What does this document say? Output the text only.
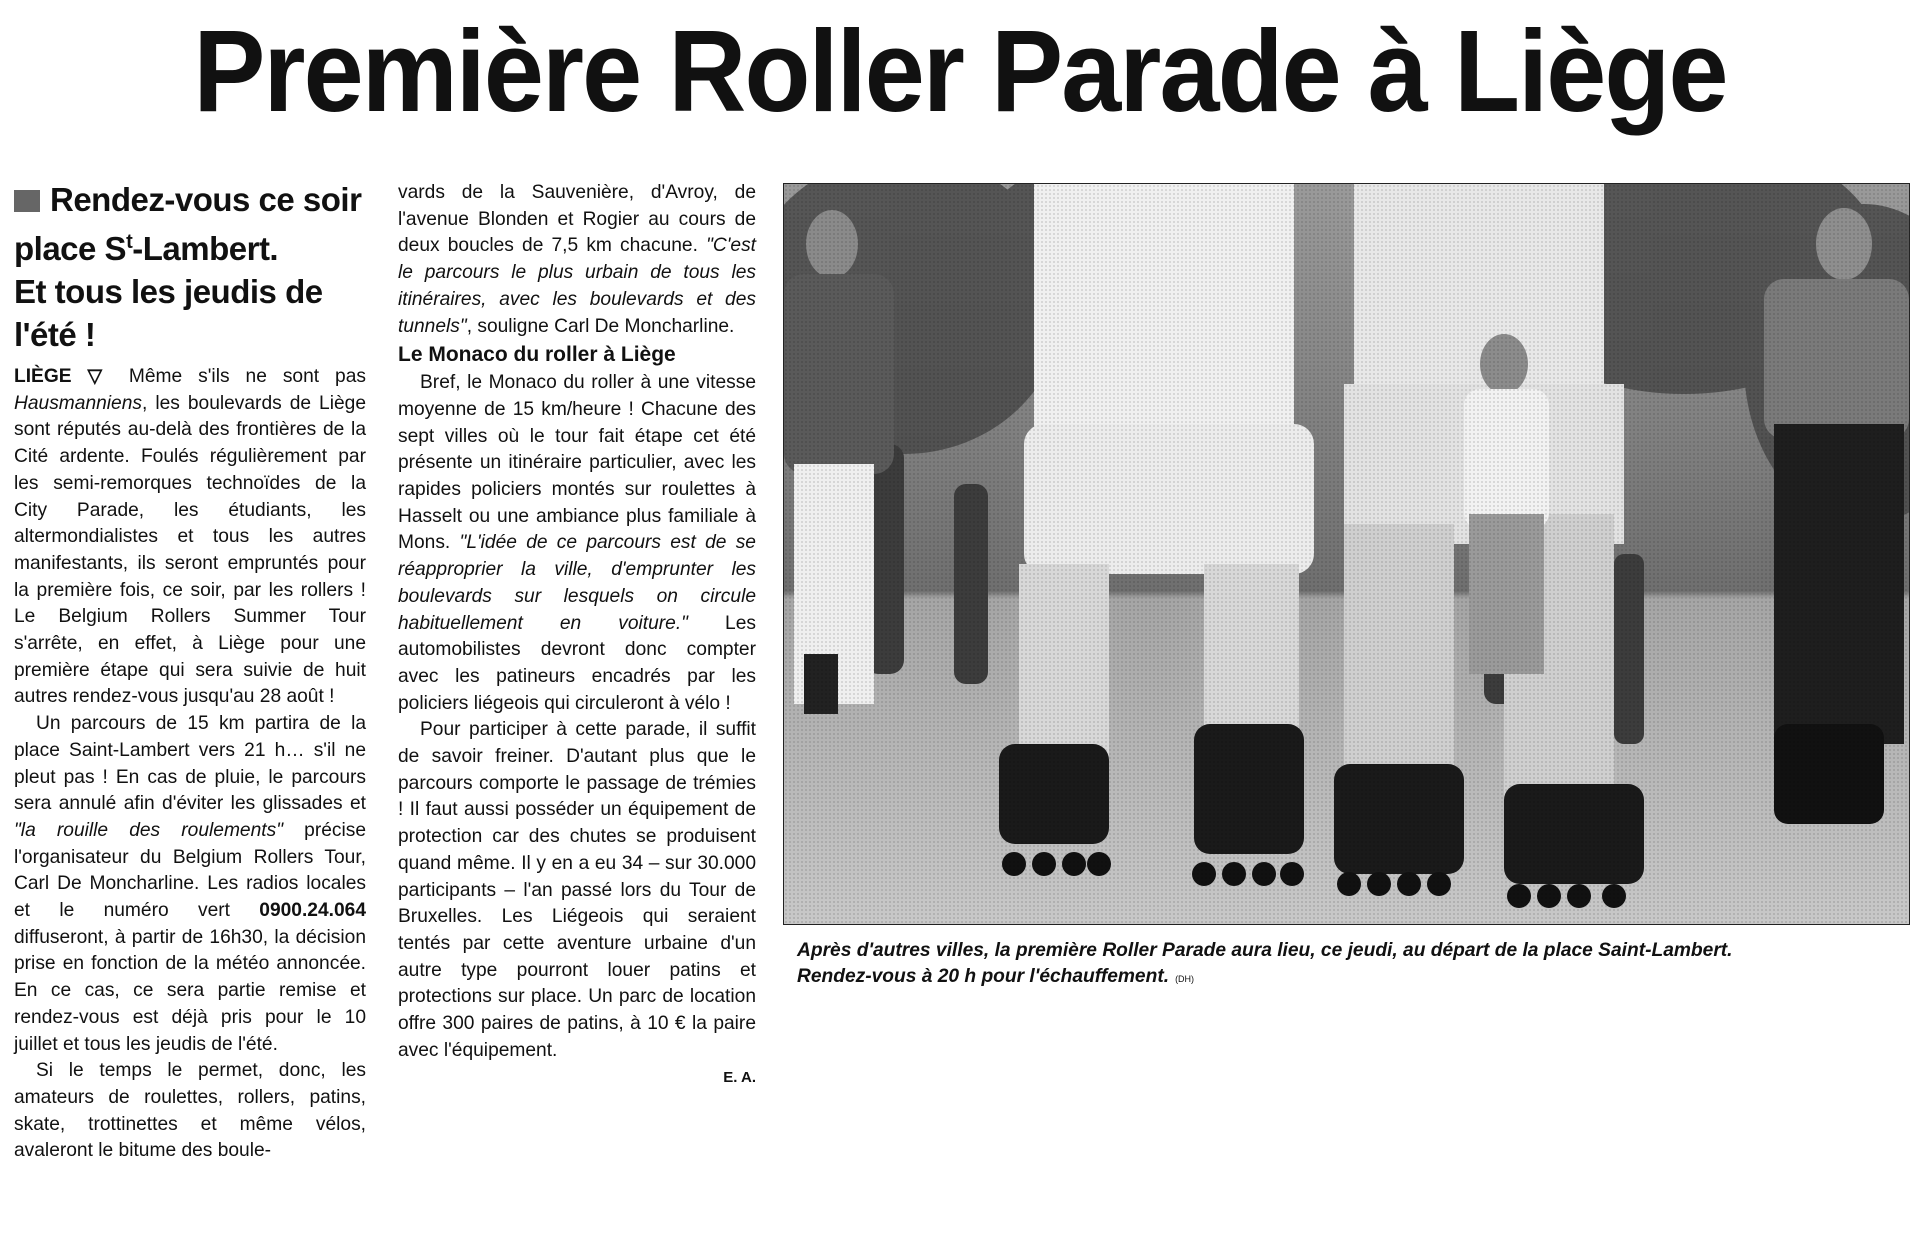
Première Roller Parade à Liège
Rendez-vous ce soir
place $S^t$-Lambert.
Et tous les jeudis de l'été !

LIÈGE ▽ Même s'ils ne sont pas Hausmanniens, les boulevards de Liège sont réputés au-delà des frontières de la Cité ardente. Foulés régulièrement par les semi-remorques technoïdes de la City Parade, les étudiants, les altermondialistes et tous les autres manifestants, ils seront empruntés pour la première fois, ce soir, par les rollers ! Le Belgium Rollers Summer Tour s'arrête, en effet, à Liège pour une première étape qui sera suivie de huit autres rendez-vous jusqu'au 28 août !

Un parcours de 15 km partira de la place Saint-Lambert vers 21 h… s'il ne pleut pas ! En cas de pluie, le parcours sera annulé afin d'éviter les glissades et "la rouille des roulements" précise l'organisateur du Belgium Rollers Tour, Carl De Moncharline. Les radios locales et le numéro vert 0900.24.064 diffuseront, à partir de 16h30, la décision prise en fonction de la météo annoncée. En ce cas, ce sera partie remise et rendez-vous est déjà pris pour le 10 juillet et tous les jeudis de l'été.

Si le temps le permet, donc, les amateurs de roulettes, rollers, patins, skate, trottinettes et même vélos, avaleront le bitume des boule-

vards de la Sauvenière, d'Avroy, de l'avenue Blonden et Rogier au cours de deux boucles de 7,5 km chacune. "C'est le parcours le plus urbain de tous les itinéraires, avec les boulevards et des tunnels", souligne Carl De Moncharline.

Le Monaco du roller à Liège

Bref, le Monaco du roller à une vitesse moyenne de 15 km/heure ! Chacune des sept villes où le tour fait étape cet été présente un itinéraire particulier, avec les rapides policiers montés sur roulettes à Hasselt ou une ambiance plus familiale à Mons. "L'idée de ce parcours est de se réapproprier la ville, d'emprunter les boulevards sur lesquels on circule habituellement en voiture." Les automobilistes devront donc compter avec les patineurs encadrés par les policiers liégeois qui circuleront à vélo !

Pour participer à cette parade, il suffit de savoir freiner. D'autant plus que le parcours comporte le passage de trémies ! Il faut aussi posséder un équipement de protection car des chutes se produisent quand même. Il y en a eu 34 – sur 30.000 participants – l'an passé lors du Tour de Bruxelles. Les Liégeois qui seraient tentés par cette aventure urbaine d'un autre type pourront louer patins et protections sur place. Un parc de location offre 300 paires de patins, à 10 € la paire avec l'équipement.

E. A.

Après d'autres villes, la première Roller Parade aura lieu, ce jeudi, au départ de la place Saint-Lambert.
Rendez-vous à 20 h pour l'échauffement. (DH)
